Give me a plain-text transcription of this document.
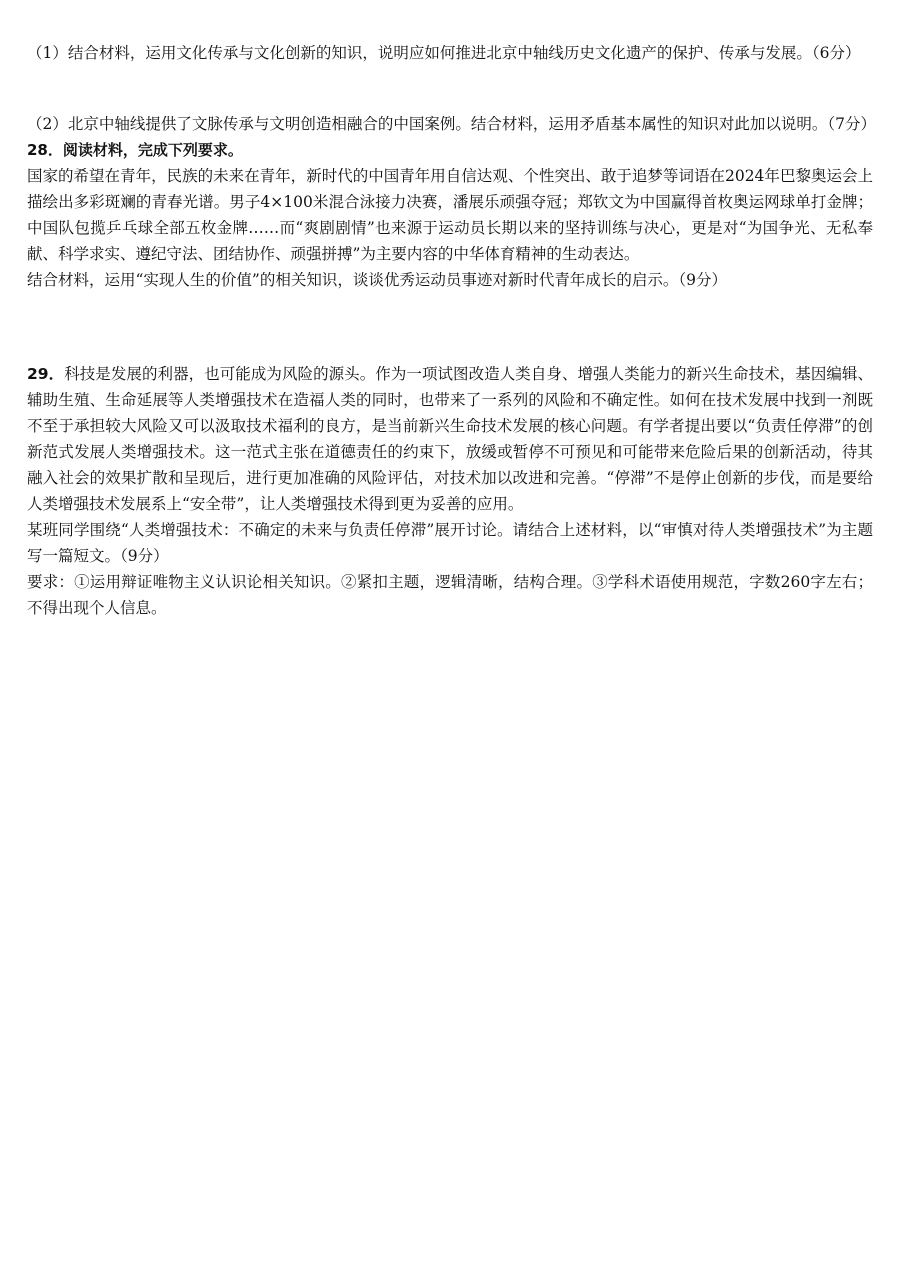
（1）结合材料，运用文化传承与文化创新的知识，说明应如何推进北京中轴线历史文化遗产的保护、传承与发展。（6分）

（2）北京中轴线提供了文脉传承与文明创造相融合的中国案例。结合材料，运用矛盾基本属性的知识对此加以说明。（7分）

28．阅读材料，完成下列要求。

国家的希望在青年，民族的未来在青年，新时代的中国青年用自信达观、个性突出、敢于追梦等词语在2024年巴黎奥运会上描绘出多彩斑斓的青春光谱。男子4×100米混合泳接力决赛，潘展乐顽强夺冠；郑钦文为中国赢得首枚奥运网球单打金牌；中国队包揽乒乓球全部五枚金牌……而“爽剧剧情”也来源于运动员长期以来的坚持训练与决心，更是对“为国争光、无私奉献、科学求实、遵纪守法、团结协作、顽强拼搏”为主要内容的中华体育精神的生动表达。

结合材料，运用“实现人生的价值”的相关知识，谈谈优秀运动员事迹对新时代青年成长的启示。（9分）

29．科技是发展的利器，也可能成为风险的源头。作为一项试图改造人类自身、增强人类能力的新兴生命技术，基因编辑、辅助生殖、生命延展等人类增强技术在造福人类的同时，也带来了一系列的风险和不确定性。如何在技术发展中找到一剂既不至于承担较大风险又可以汲取技术福利的良方，是当前新兴生命技术发展的核心问题。有学者提出要以“负责任停滞”的创新范式发展人类增强技术。这一范式主张在道德责任的约束下，放缓或暂停不可预见和可能带来危险后果的创新活动，待其融入社会的效果扩散和呈现后，进行更加准确的风险评估，对技术加以改进和完善。“停滞”不是停止创新的步伐，而是要给人类增强技术发展系上“安全带”，让人类增强技术得到更为妥善的应用。

某班同学围绕“人类增强技术：不确定的未来与负责任停滞”展开讨论。请结合上述材料，以“审慎对待人类增强技术”为主题写一篇短文。（9分）

要求：①运用辩证唯物主义认识论相关知识。②紧扣主题，逻辑清晰，结构合理。③学科术语使用规范，字数260字左右；不得出现个人信息。
